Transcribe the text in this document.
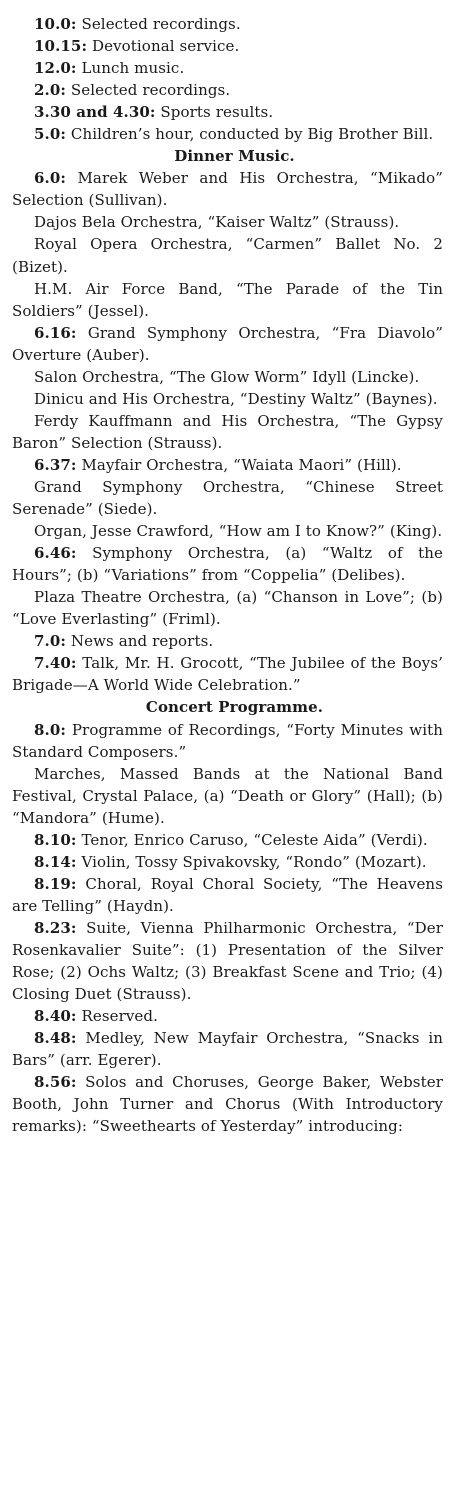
10.0: Selected recordings.

10.15: Devotional service.

12.0: Lunch music.

2.0: Selected recordings.

3.30 and 4.30: Sports results.

5.0: Children’s hour, conducted by Big Brother Bill.

Dinner Music.

6.0: Marek Weber and His Orchestra, “Mikado” Selection (Sullivan).

Dajos Bela Orchestra, “Kaiser Waltz” (Strauss).

Royal Opera Orchestra, “Carmen” Ballet No. 2 (Bizet).

H.M. Air Force Band, “The Parade of the Tin Soldiers” (Jessel).

6.16: Grand Symphony Orchestra, “Fra Diavolo” Overture (Auber).

Salon Orchestra, “The Glow Worm” Idyll (Lincke).

Dinicu and His Orchestra, “Destiny Waltz” (Baynes).

Ferdy Kauffmann and His Orchestra, “The Gypsy Baron” Selection (Strauss).

6.37: Mayfair Orchestra, “Waiata Maori” (Hill).

Grand Symphony Orchestra, “Chinese Street Serenade” (Siede).

Organ, Jesse Crawford, “How am I to Know?” (King).

6.46: Symphony Orchestra, (a) “Waltz of the Hours”; (b) “Variations” from “Coppelia” (Delibes).

Plaza Theatre Orchestra, (a) “Chanson in Love”; (b) “Love Everlasting” (Friml).

7.0: News and reports.

7.40: Talk, Mr. H. Grocott, “The Jubilee of the Boys’ Brigade—A World Wide Celebration.”

Concert Programme.

8.0: Programme of Recordings, “Forty Minutes with Standard Composers.”

Marches, Massed Bands at the National Band Festival, Crystal Palace, (a) “Death or Glory” (Hall); (b) “Mandora” (Hume).

8.10: Tenor, Enrico Caruso, “Celeste Aida” (Verdi).

8.14: Violin, Tossy Spivakovsky, “Rondo” (Mozart).

8.19: Choral, Royal Choral Society, “The Heavens are Telling” (Haydn).

8.23: Suite, Vienna Philharmonic Orchestra, “Der Rosenkavalier Suite”: (1) Presentation of the Silver Rose; (2) Ochs Waltz; (3) Breakfast Scene and Trio; (4) Closing Duet (Strauss).

8.40: Reserved.

8.48: Medley, New Mayfair Orchestra, “Snacks in Bars” (arr. Egerer).

8.56: Solos and Choruses, George Baker, Webster Booth, John Turner and Chorus (With Introductory remarks): “Sweethearts of Yesterday” introducing:
